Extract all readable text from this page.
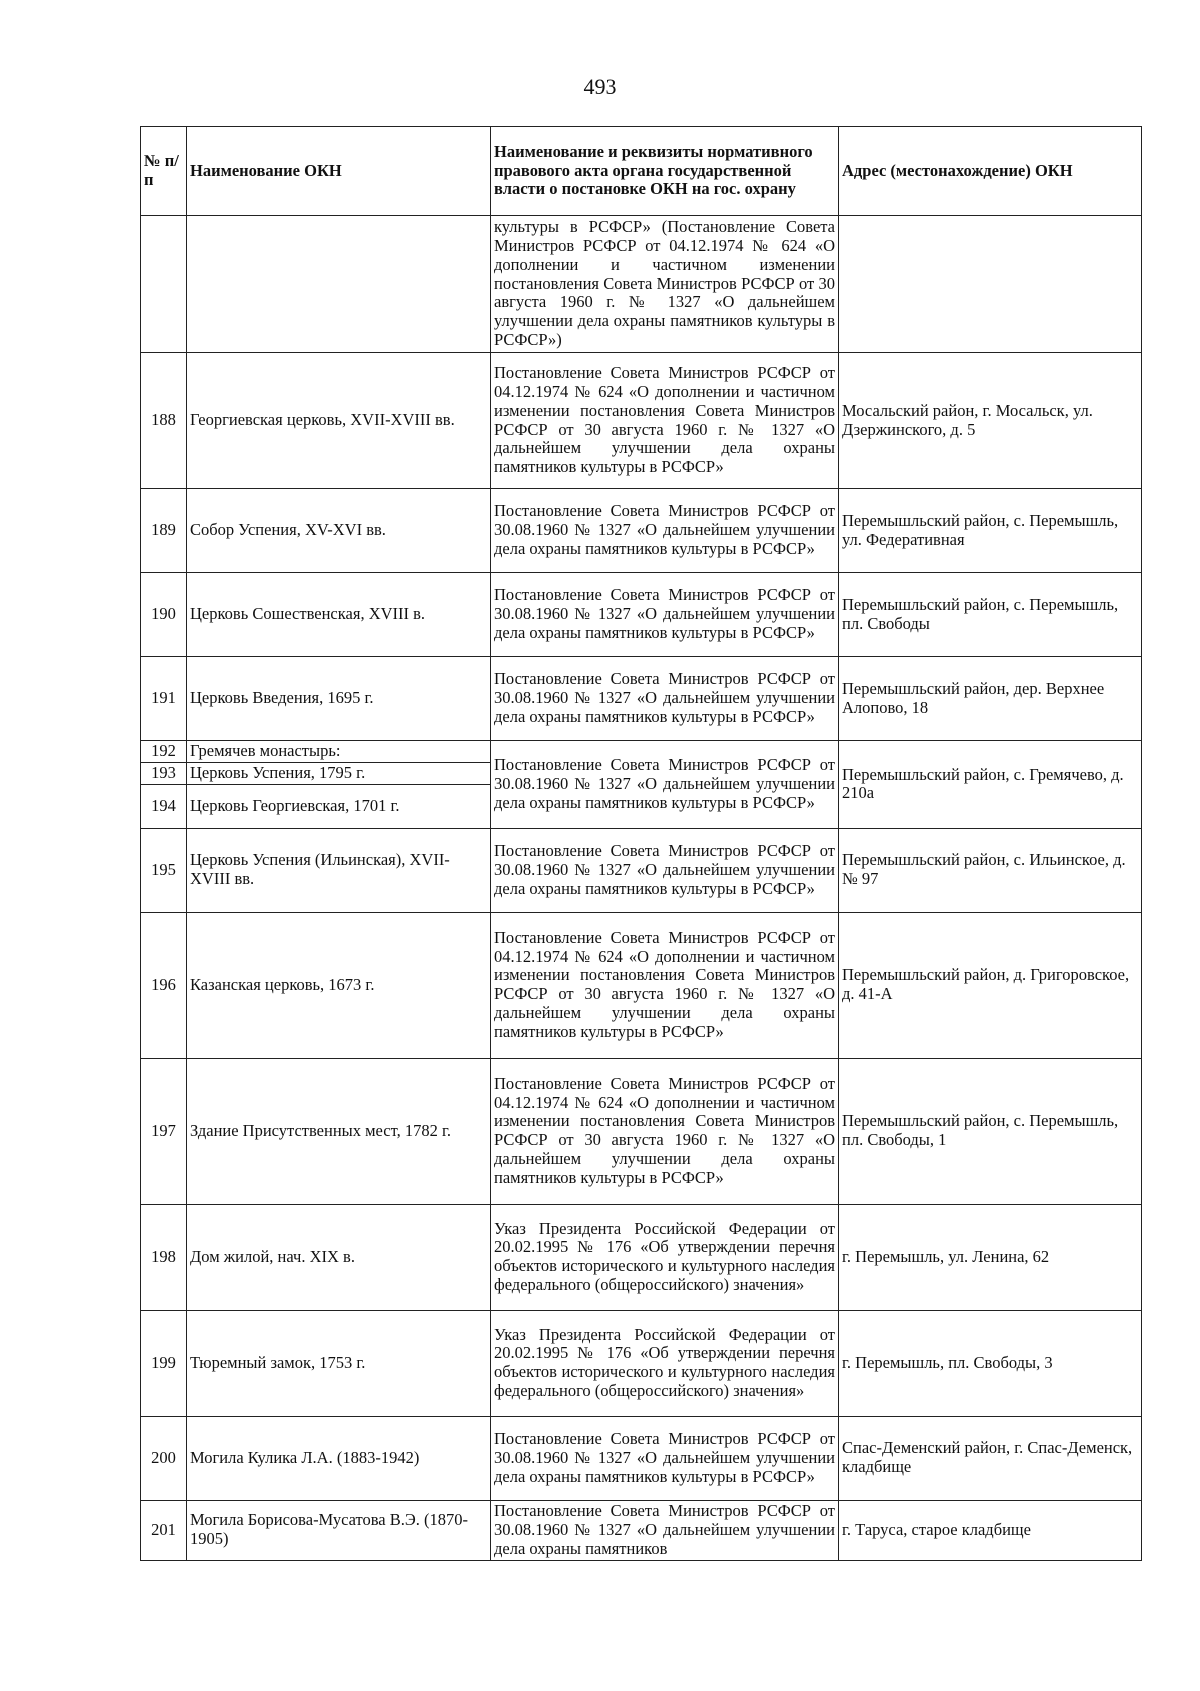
493
№ п/п	Наименование ОКН	Наименование и реквизиты нормативного правового акта органа государственной власти о постановке ОКН на гос. охрану	Адрес (местонахождение) ОКН
		культуры в РСФСР» (Постановление Совета Министров РСФСР от 04.12.1974 № 624 «О дополнении и частичном изменении постановления Совета Министров РСФСР от 30 августа 1960 г. № 1327 «О дальнейшем улучшении дела охраны памятников культуры в РСФСР»)	
188	Георгиевская церковь, XVII-XVIII вв.	Постановление Совета Министров РСФСР от 04.12.1974 № 624 «О дополнении и частичном изменении постановления Совета Министров РСФСР от 30 августа 1960 г. № 1327 «О дальнейшем улучшении дела охраны памятников культуры в РСФСР»	Мосальский район, г. Мосальск, ул. Дзержинского, д. 5
189	Собор Успения, XV-XVI вв.	Постановление Совета Министров РСФСР от 30.08.1960 № 1327 «О дальнейшем улучшении дела охраны памятников культуры в РСФСР»	Перемышльский район, с. Перемышль, ул. Федеративная
190	Церковь Сошественская, XVIII в.	Постановление Совета Министров РСФСР от 30.08.1960 № 1327 «О дальнейшем улучшении дела охраны памятников культуры в РСФСР»	Перемышльский район, с. Перемышль, пл. Свободы
191	Церковь Введения, 1695 г.	Постановление Совета Министров РСФСР от 30.08.1960 № 1327 «О дальнейшем улучшении дела охраны памятников культуры в РСФСР»	Перемышльский район, дер. Верхнее Алопово, 18
192	Гремячев монастырь:	Постановление Совета Министров РСФСР от 30.08.1960 № 1327 «О дальнейшем улучшении дела охраны памятников культуры в РСФСР»	Перемышльский район, с. Гремячево, д. 210а
193	Церковь Успения, 1795 г.		
194	Церковь Георгиевская, 1701 г.		
195	Церковь Успения (Ильинская), XVII-XVIII вв.	Постановление Совета Министров РСФСР от 30.08.1960 № 1327 «О дальнейшем улучшении дела охраны памятников культуры в РСФСР»	Перемышльский район, с. Ильинское, д. № 97
196	Казанская церковь, 1673 г.	Постановление Совета Министров РСФСР от 04.12.1974 № 624 «О дополнении и частичном изменении постановления Совета Министров РСФСР от 30 августа 1960 г. № 1327 «О дальнейшем улучшении дела охраны памятников культуры в РСФСР»	Перемышльский район, д. Григоровское, д. 41-А
197	Здание Присутственных мест, 1782 г.	Постановление Совета Министров РСФСР от 04.12.1974 № 624 «О дополнении и частичном изменении постановления Совета Министров РСФСР от 30 августа 1960 г. № 1327 «О дальнейшем улучшении дела охраны памятников культуры в РСФСР»	Перемышльский район, с. Перемышль, пл. Свободы, 1
198	Дом жилой, нач. XIX в.	Указ Президента Российской Федерации от 20.02.1995 № 176 «Об утверждении перечня объектов исторического и культурного наследия федерального (общероссийского) значения»	г. Перемышль, ул. Ленина, 62
199	Тюремный замок, 1753 г.	Указ Президента Российской Федерации от 20.02.1995 № 176 «Об утверждении перечня объектов исторического и культурного наследия федерального (общероссийского) значения»	г. Перемышль, пл. Свободы, 3
200	Могила Кулика Л.А. (1883-1942)	Постановление Совета Министров РСФСР от 30.08.1960 № 1327 «О дальнейшем улучшении дела охраны памятников культуры в РСФСР»	Спас-Деменский район, г. Спас-Деменск, кладбище
201	Могила Борисова-Мусатова В.Э. (1870-1905)	Постановление Совета Министров РСФСР от 30.08.1960 № 1327 «О дальнейшем улучшении дела охраны памятников	г. Таруса, старое кладбище
